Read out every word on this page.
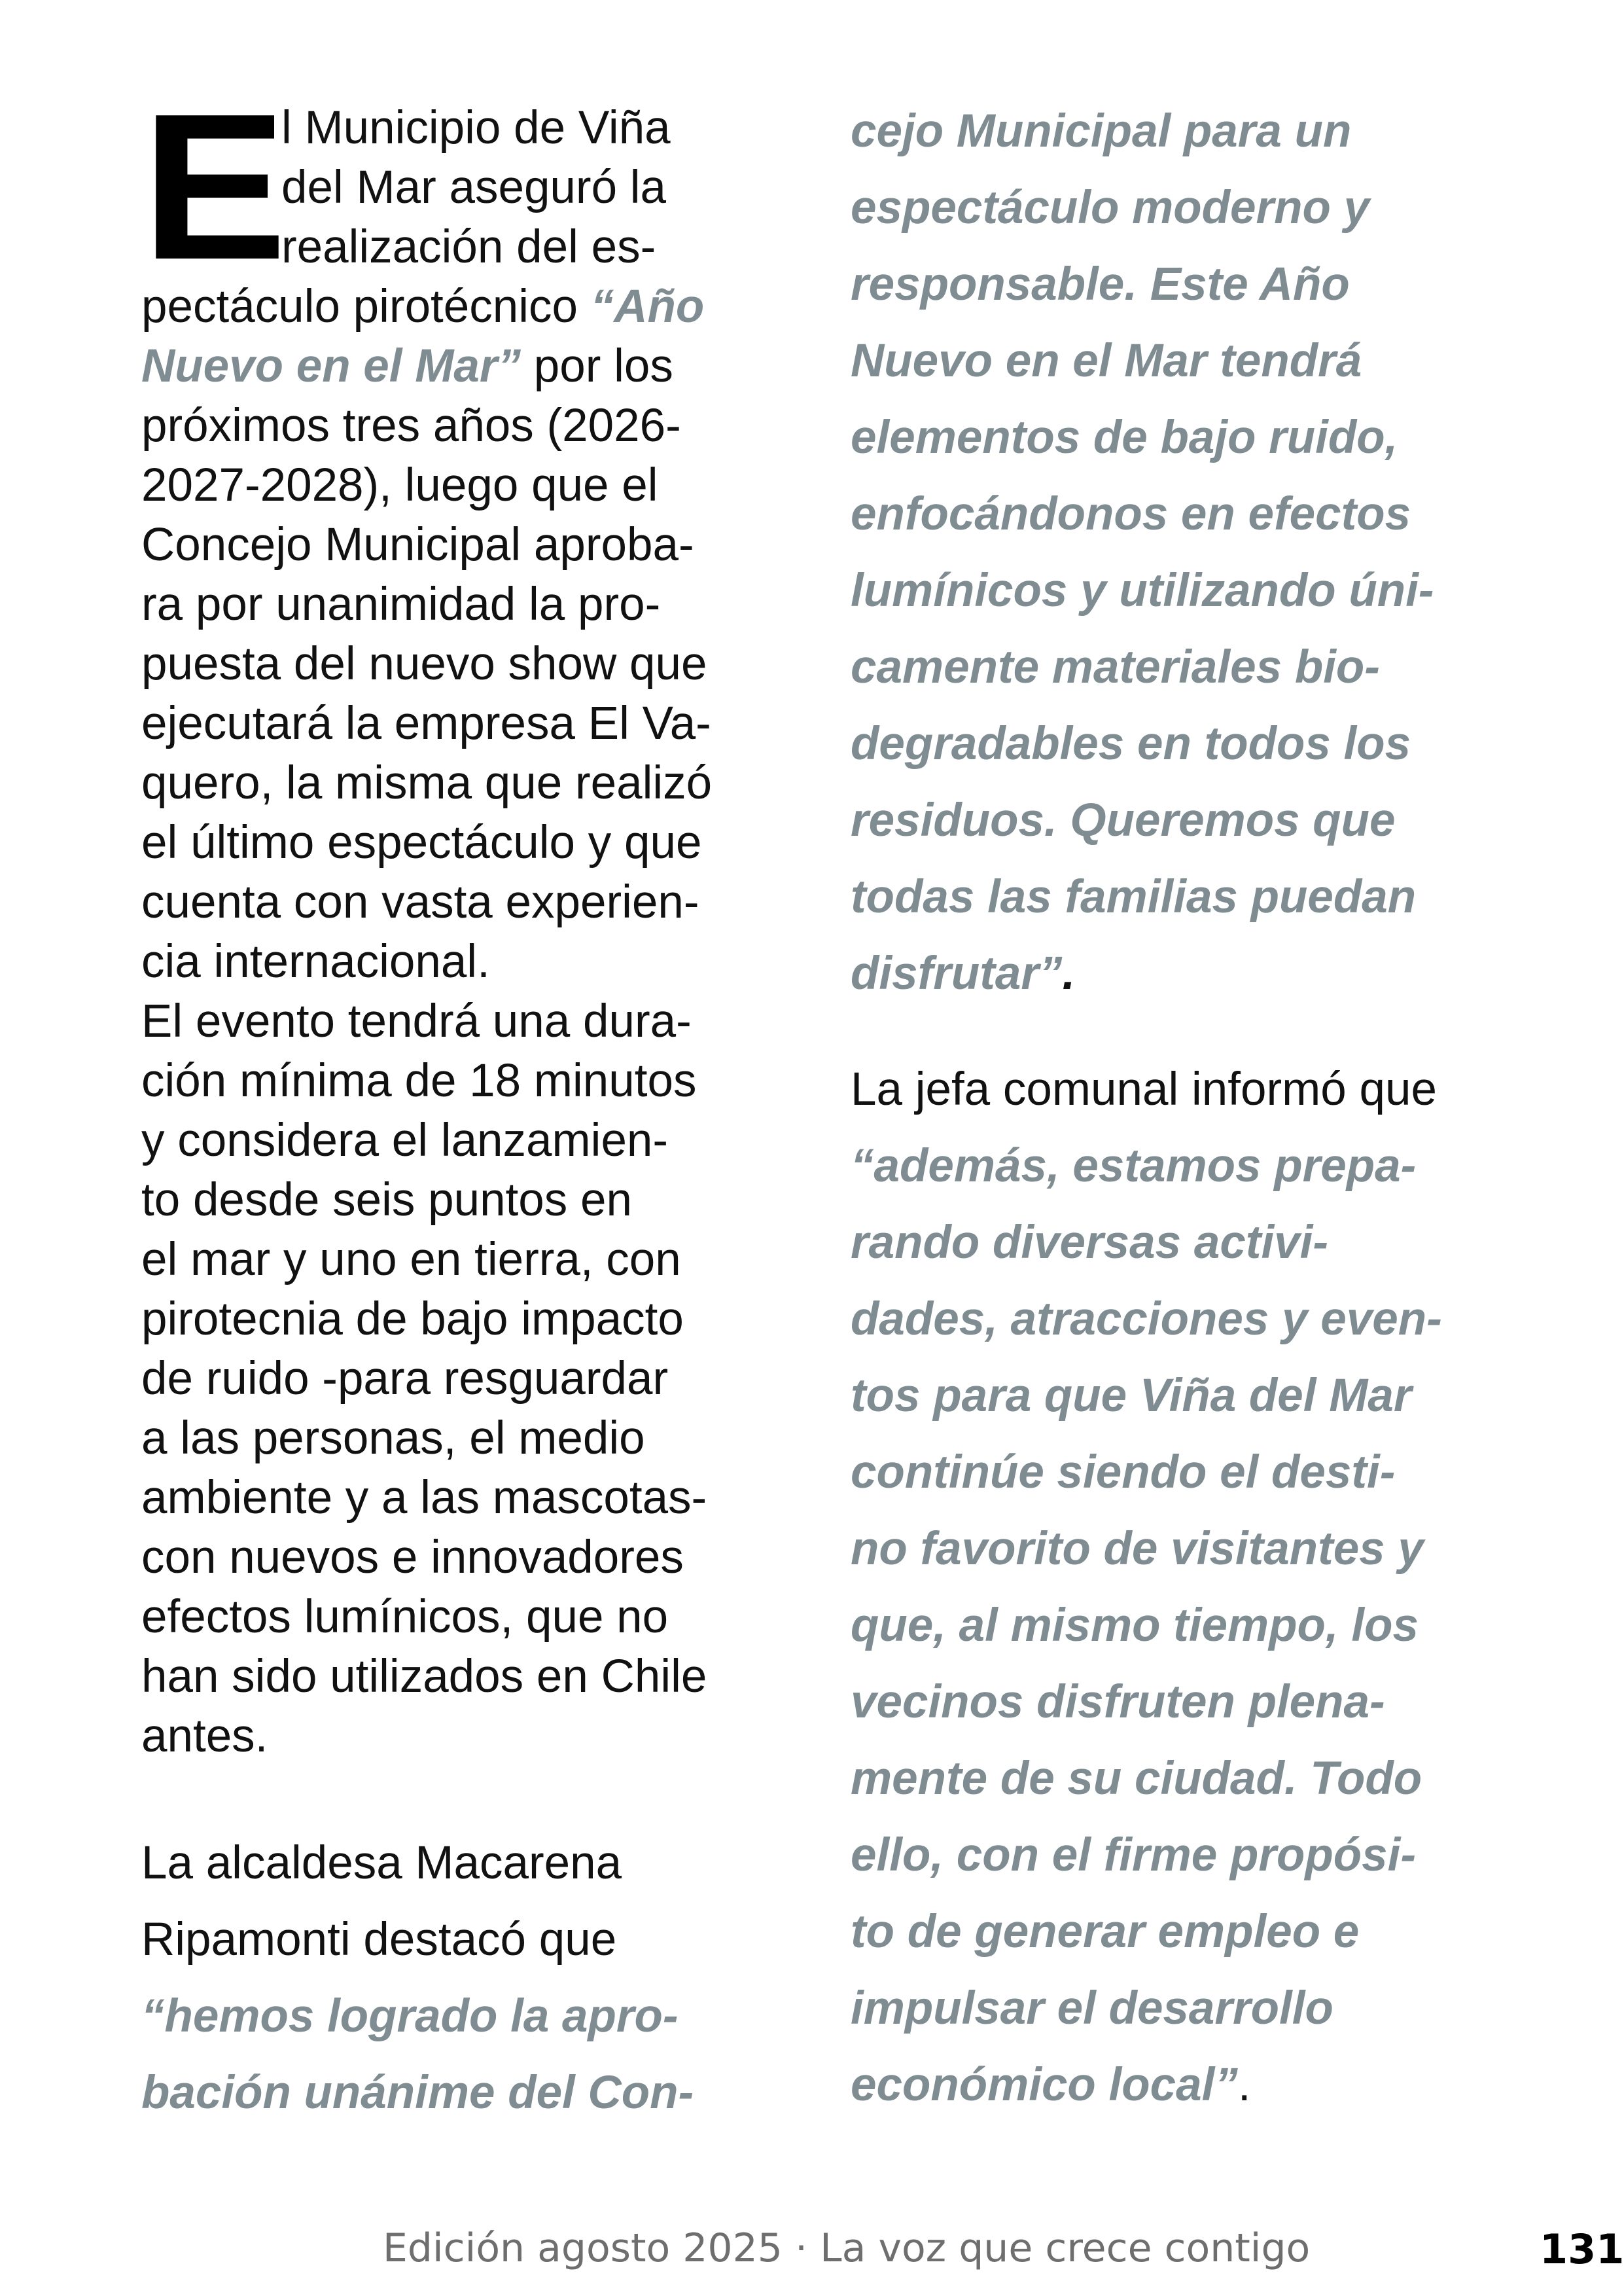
E
l Municipio de Viña
del Mar aseguró la
realización del es-
pectáculo pirotécnico “Año
Nuevo en el Mar” por los
próximos tres años (2026-
2027-2028), luego que el
Concejo Municipal aproba-
ra por unanimidad la pro-
puesta del nuevo show que
ejecutará la empresa El Va-
quero, la misma que realizó
el último espectáculo y que
cuenta con vasta experien-
cia internacional.
El evento tendrá una dura-
ción mínima de 18 minutos
y considera el lanzamien-
to desde seis puntos en
el mar y uno en tierra, con
pirotecnia de bajo impacto
de ruido -para resguardar
a las personas, el medio
ambiente y a las mascotas-
con nuevos e innovadores
efectos lumínicos, que no
han sido utilizados en Chile
antes.
La alcaldesa Macarena
Ripamonti destacó que
“hemos logrado la apro-
bación unánime del Con-
cejo Municipal para un
espectáculo moderno y
responsable. Este Año
Nuevo en el Mar tendrá
elementos de bajo ruido,
enfocándonos en efectos
lumínicos y utilizando úni-
camente materiales bio-
degradables en todos los
residuos. Queremos que
todas las familias puedan
disfrutar”.
La jefa comunal informó que
“además, estamos prepa-
rando diversas activi-
dades, atracciones y even-
tos para que Viña del Mar
continúe siendo el desti-
no favorito de visitantes y
que, al mismo tiempo, los
vecinos disfruten plena-
mente de su ciudad. Todo
ello, con el firme propósi-
to de generar empleo e
impulsar el desarrollo
económico local”.
Edición agosto 2025 · La voz que crece contigo	131
